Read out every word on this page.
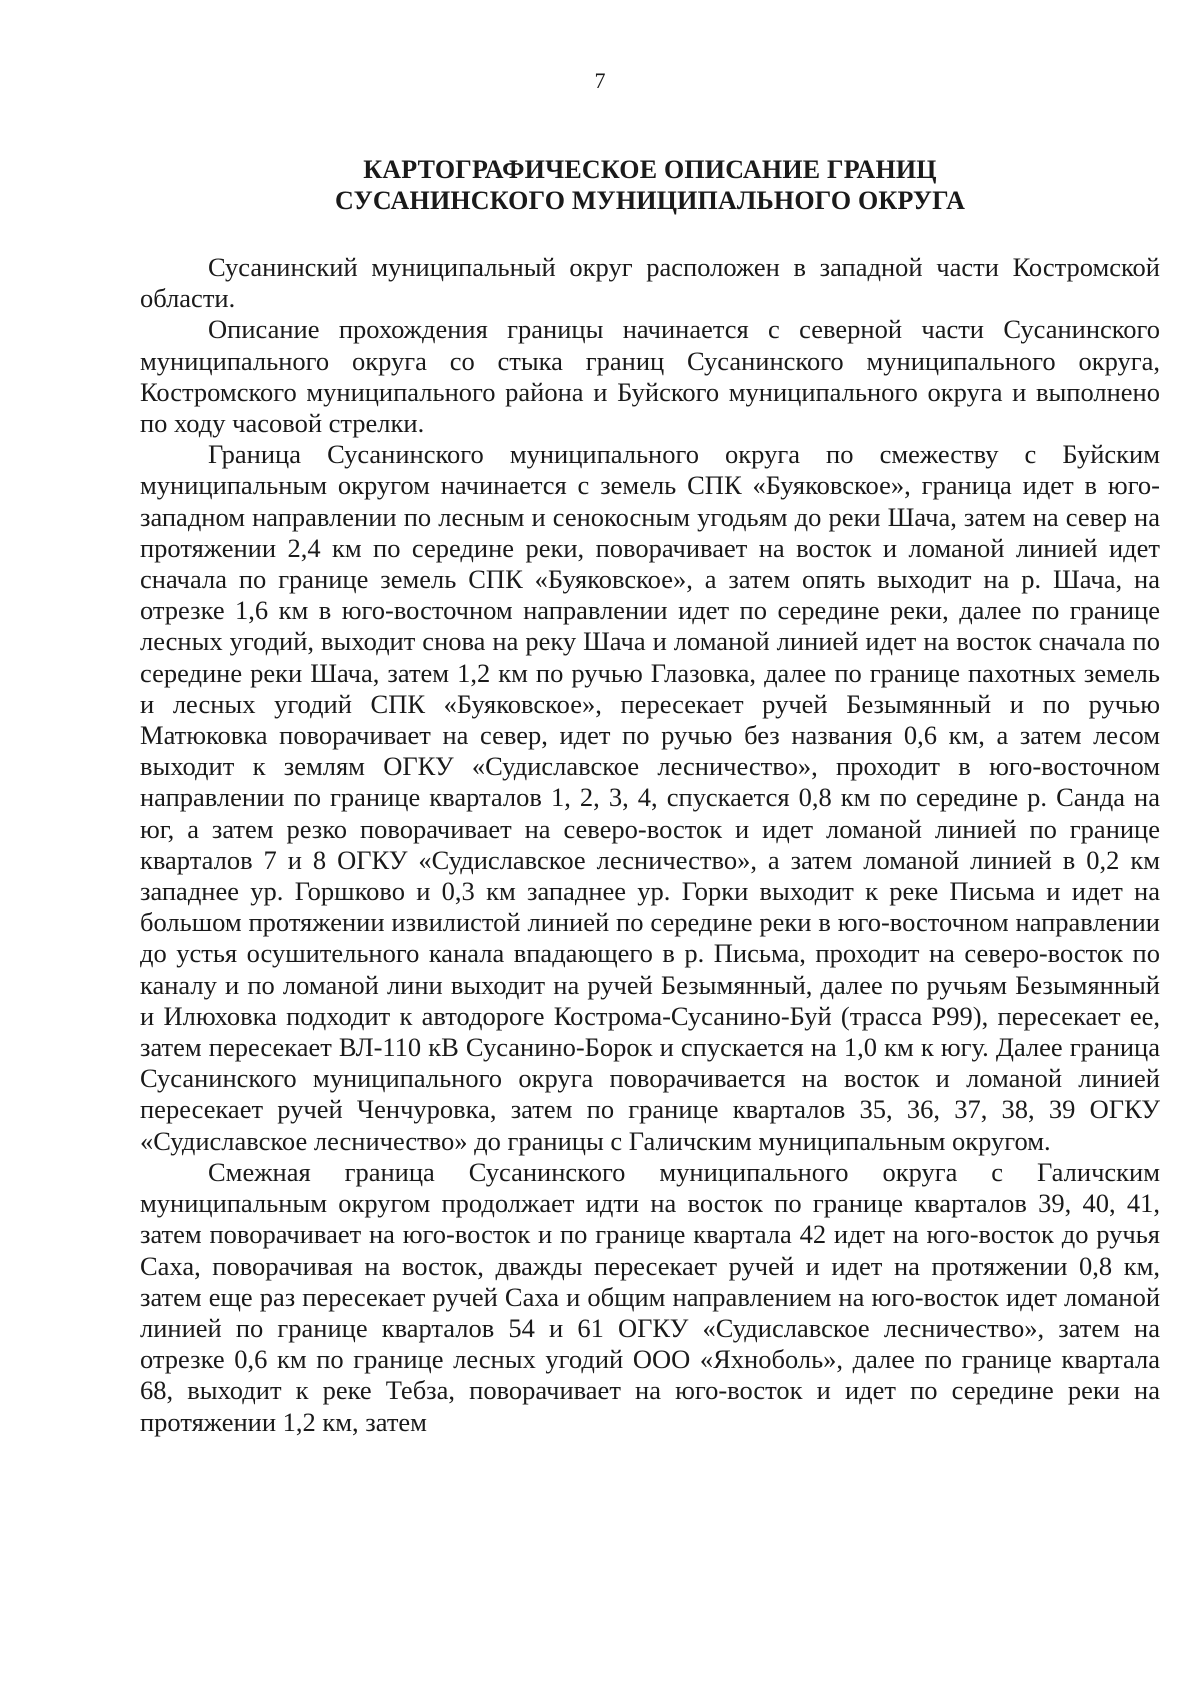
7
КАРТОГРАФИЧЕСКОЕ ОПИСАНИЕ ГРАНИЦ
СУСАНИНСКОГО МУНИЦИПАЛЬНОГО ОКРУГА

Сусанинский муниципальный округ расположен в западной части Костромской области.

Описание прохождения границы начинается с северной части Сусанинского муниципального округа со стыка границ Сусанинского муниципального округа, Костромского муниципального района и Буйского муниципального округа и выполнено по ходу часовой стрелки.

Граница Сусанинского муниципального округа по смежеству с Буйским муниципальным округом начинается с земель СПК «Буяковское», граница идет в юго-западном направлении по лесным и сенокосным угодьям до реки Шача, затем на север на протяжении 2,4 км по середине реки, поворачивает на восток и ломаной линией идет сначала по границе земель СПК «Буяковское», а затем опять выходит на р. Шача, на отрезке 1,6 км в юго-восточном направлении идет по середине реки, далее по границе лесных угодий, выходит снова на реку Шача и ломаной линией идет на восток сначала по середине реки Шача, затем 1,2 км по ручью Глазовка, далее по границе пахотных земель и лесных угодий СПК «Буяковское», пересекает ручей Безымянный и по ручью Матюковка поворачивает на север, идет по ручью без названия 0,6 км, а затем лесом выходит к землям ОГКУ «Судиславское лесничество», проходит в юго-восточном направлении по границе кварталов 1, 2, 3, 4, спускается 0,8 км по середине р. Санда на юг, а затем резко поворачивает на северо-восток и идет ломаной линией по границе кварталов 7 и 8 ОГКУ «Судиславское лесничество», а затем ломаной линией в 0,2 км западнее ур. Горшково и 0,3 км западнее ур. Горки выходит к реке Письма и идет на большом протяжении извилистой линией по середине реки в юго-восточном направлении до устья осушительного канала впадающего в р. Письма, проходит на северо-восток по каналу и по ломаной лини выходит на ручей Безымянный, далее по ручьям Безымянный и Илюховка подходит к автодороге Кострома-Сусанино-Буй (трасса Р99), пересекает ее, затем пересекает ВЛ-110 кВ Сусанино-Борок и спускается на 1,0 км к югу. Далее граница Сусанинского муниципального округа поворачивается на восток и ломаной линией пересекает ручей Ченчуровка, затем по границе кварталов 35, 36, 37, 38, 39 ОГКУ «Судиславское лесничество» до границы с Галичским муниципальным округом.

Смежная граница Сусанинского муниципального округа с Галичским муниципальным округом продолжает идти на восток по границе кварталов 39, 40, 41, затем поворачивает на юго-восток и по границе квартала 42 идет на юго-восток до ручья Саха, поворачивая на восток, дважды пересекает ручей и идет на протяжении 0,8 км, затем еще раз пересекает ручей Саха и общим направлением на юго-восток идет ломаной линией по границе кварталов 54 и 61 ОГКУ «Судиславское лесничество», затем на отрезке 0,6 км по границе лесных угодий ООО «Яхноболь», далее по границе квартала 68, выходит к реке Тебза, поворачивает на юго-восток и идет по середине реки на протяжении 1,2 км, затем
